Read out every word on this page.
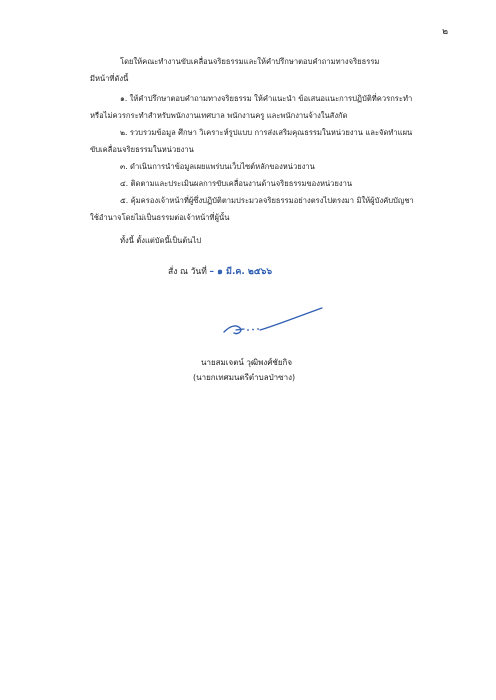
๒

โดยให้คณะทำงานขับเคลื่อนจริยธรรมและให้คำปรึกษาตอบคำถามทางจริยธรรม

มีหน้าที่ดังนี้

๑. ให้คำปรึกษาตอบคำถามทางจริยธรรม ให้คำแนะนำ ข้อเสนอแนะการปฏิบัติที่ควรกระทำ

หรือไม่ควรกระทำสำหรับพนักงานเทศบาล พนักงานครู และพนักงานจ้างในสังกัด

๒. รวบรวมข้อมูล ศึกษา วิเคราะห์รูปแบบ การส่งเสริมคุณธรรมในหน่วยงาน และจัดทำแผน

ขับเคลื่อนจริยธรรมในหน่วยงาน

๓. ดำเนินการนำข้อมูลเผยแพร่บนเว็บไซต์หลักของหน่วยงาน

๔. ติดตามและประเมินผลการขับเคลื่อนงานด้านจริยธรรมของหน่วยงาน

๕. คุ้มครองเจ้าหน้าที่ผู้ซึ่งปฏิบัติตามประมวลจริยธรรมอย่างตรงไปตรงมา มิให้ผู้บังคับบัญชา

ใช้อำนาจโดยไม่เป็นธรรมต่อเจ้าหน้าที่ผู้นั้น

ทั้งนี้ ตั้งแต่บัดนี้เป็นต้นไป

สั่ง ณ วันที่ – ๑ มี.ค. ๒๕๖๖
นายสมเจตน์ วุฒิพงศ์ชัยกิจ
(นายกเทศมนตรีตำบลป่าซาง)
